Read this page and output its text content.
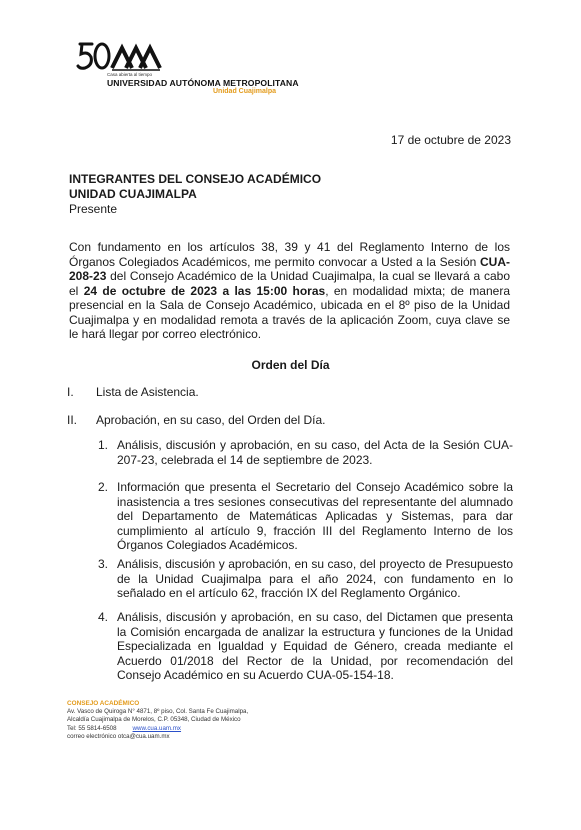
Casa abierta al tiempo
UNIVERSIDAD AUTÓNOMA METROPOLITANA
Unidad Cuajimalpa
17 de octubre de 2023
INTEGRANTES DEL CONSEJO ACADÉMICO
UNIDAD CUAJIMALPA
Presente
Con fundamento en los artículos 38, 39 y 41 del Reglamento Interno de los Órganos Colegiados Académicos, me permito convocar a Usted a la Sesión CUA-208-23 del Consejo Académico de la Unidad Cuajimalpa, la cual se llevará a cabo el 24 de octubre de 2023 a las 15:00 horas, en modalidad mixta; de manera presencial en la Sala de Consejo Académico, ubicada en el 8º piso de la Unidad Cuajimalpa y en modalidad remota a través de la aplicación Zoom, cuya clave se le hará llegar por correo electrónico.
Orden del Día
I. Lista de Asistencia.
II. Aprobación, en su caso, del Orden del Día.
1. Análisis, discusión y aprobación, en su caso, del Acta de la Sesión CUA-207-23, celebrada el 14 de septiembre de 2023.
2. Información que presenta el Secretario del Consejo Académico sobre la inasistencia a tres sesiones consecutivas del representante del alumnado del Departamento de Matemáticas Aplicadas y Sistemas, para dar cumplimiento al artículo 9, fracción III del Reglamento Interno de los Órganos Colegiados Académicos.
3. Análisis, discusión y aprobación, en su caso, del proyecto de Presupuesto de la Unidad Cuajimalpa para el año 2024, con fundamento en lo señalado en el artículo 62, fracción IX del Reglamento Orgánico.
4. Análisis, discusión y aprobación, en su caso, del Dictamen que presenta la Comisión encargada de analizar la estructura y funciones de la Unidad Especializada en Igualdad y Equidad de Género, creada mediante el Acuerdo 01/2018 del Rector de la Unidad, por recomendación del Consejo Académico en su Acuerdo CUA-05-154-18.
CONSEJO ACADÉMICO
Av. Vasco de Quiroga N° 4871, 8º piso, Col. Santa Fe Cuajimalpa,
Alcaldía Cuajimalpa de Morelos, C.P. 05348, Ciudad de México
Tel: 55 5814-6508	www.cua.uam.mx
correo electrónico otca@cua.uam.mx
